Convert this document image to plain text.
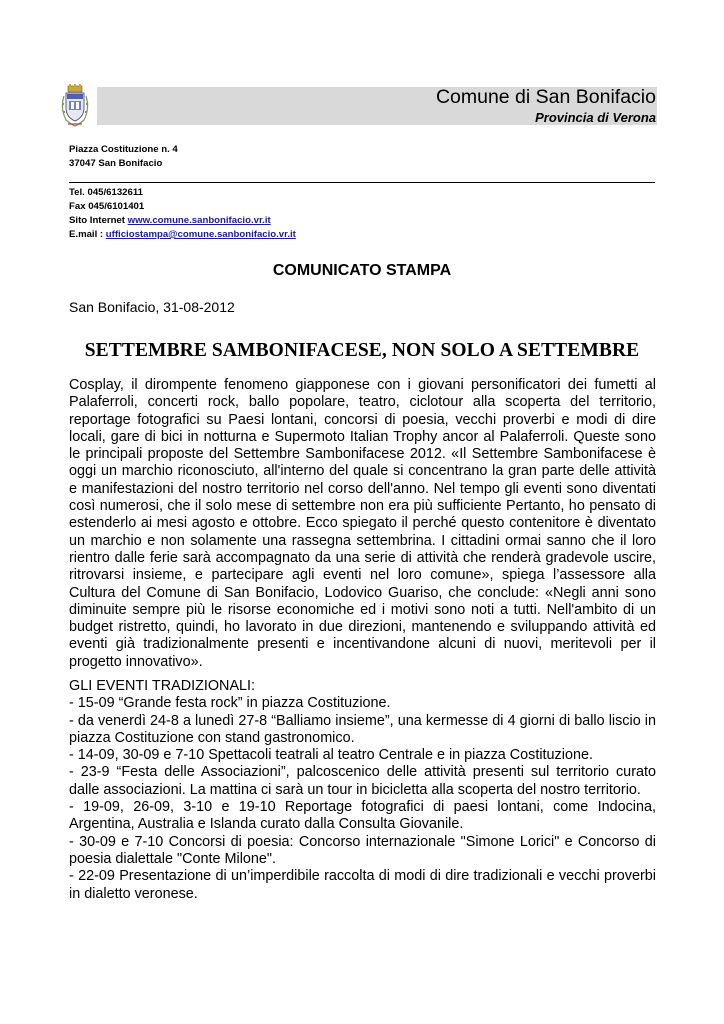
Comune di San Bonifacio
Provincia di Verona
Piazza Costituzione n. 4
37047 San Bonifacio
Tel. 045/6132611
Fax 045/6101401
Sito Internet www.comune.sanbonifacio.vr.it
E.mail : ufficiostampa@comune.sanbonifacio.vr.it
COMUNICATO STAMPA
San Bonifacio, 31-08-2012
SETTEMBRE SAMBONIFACESE, NON SOLO A SETTEMBRE

Cosplay, il dirompente fenomeno giapponese con i giovani personificatori dei fumetti al Palaferroli, concerti rock, ballo popolare, teatro, ciclotour alla scoperta del territorio, reportage fotografici su Paesi lontani, concorsi di poesia, vecchi proverbi e modi di dire locali, gare di bici in notturna e Supermoto Italian Trophy ancor al Palaferroli. Queste sono le principali proposte del Settembre Sambonifacese 2012. «Il Settembre Sambonifacese è oggi un marchio riconosciuto, all'interno del quale si concentrano la gran parte delle attività e manifestazioni del nostro territorio nel corso dell'anno. Nel tempo gli eventi sono diventati così numerosi, che il solo mese di settembre non era più sufficiente Pertanto, ho pensato di estenderlo ai mesi agosto e ottobre. Ecco spiegato il perché questo contenitore è diventato un marchio e non solamente una rassegna settembrina. I cittadini ormai sanno che il loro rientro dalle ferie sarà accompagnato da una serie di attività che renderà gradevole uscire, ritrovarsi insieme, e partecipare agli eventi nel loro comune», spiega l’assessore alla Cultura del Comune di San Bonifacio, Lodovico Guariso, che conclude: «Negli anni sono diminuite sempre più le risorse economiche ed i motivi sono noti a tutti. Nell'ambito di un budget ristretto, quindi, ho lavorato in due direzioni, mantenendo e sviluppando attività ed eventi già tradizionalmente presenti e incentivandone alcuni di nuovi, meritevoli per il progetto innovativo».

GLI EVENTI TRADIZIONALI:

- 15-09 “Grande festa rock” in piazza Costituzione.

- da venerdì 24-8 a lunedì 27-8 “Balliamo insieme”, una kermesse di 4 giorni di ballo liscio in piazza Costituzione con stand gastronomico.

- 14-09, 30-09 e 7-10 Spettacoli teatrali al teatro Centrale e in piazza Costituzione.

- 23-9 “Festa delle Associazioni”, palcoscenico delle attività presenti sul territorio curato dalle associazioni. La mattina ci sarà un tour in bicicletta alla scoperta del nostro territorio.

- 19-09, 26-09, 3-10 e 19-10 Reportage fotografici di paesi lontani, come Indocina, Argentina, Australia e Islanda curato dalla Consulta Giovanile.

- 30-09 e 7-10 Concorsi di poesia: Concorso internazionale "Simone Lorici" e Concorso di poesia dialettale "Conte Milone".

- 22-09 Presentazione di un’imperdibile raccolta di modi di dire tradizionali e vecchi proverbi in dialetto veronese.
